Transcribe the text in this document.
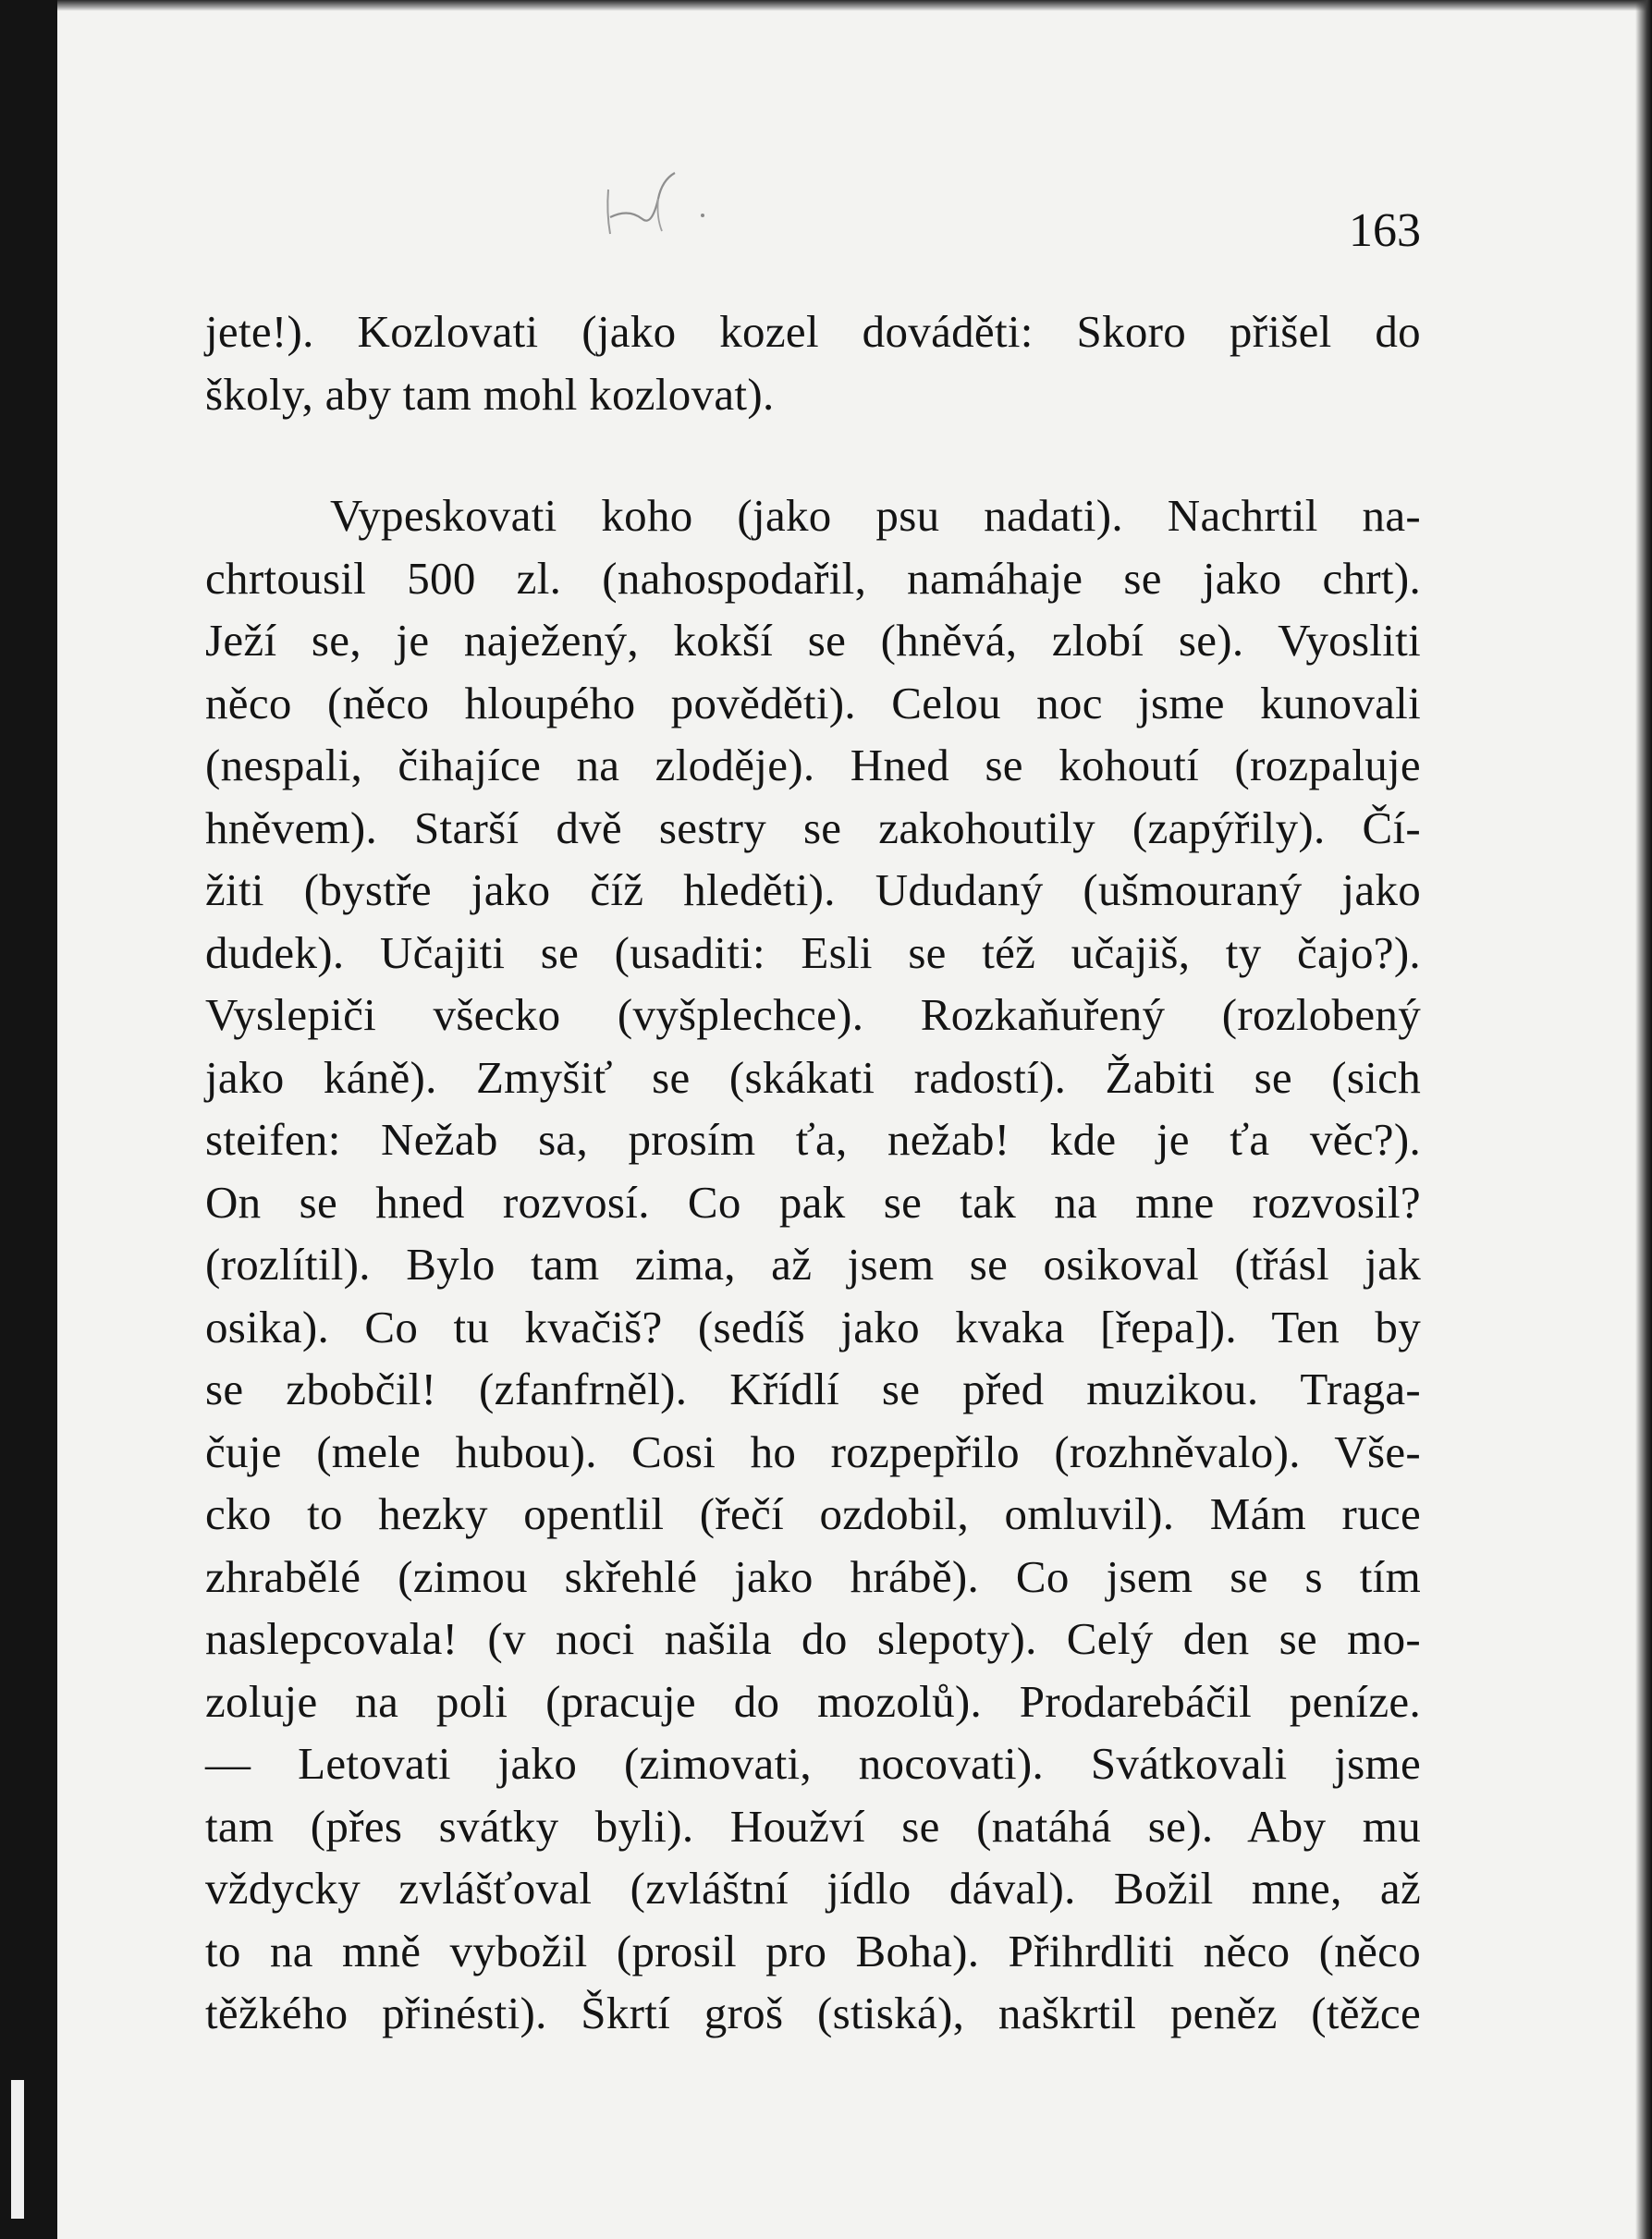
163
jete!). Kozlovati (jako kozel dováděti: Skoro přišel do
školy, aby tam mohl kozlovat).
Vypeskovati koho (jako psu nadati). Nachrtil na-
chrtousil 500 zl. (nahospodařil, namáhaje se jako chrt).
Ježí se, je naježený, kokší se (hněvá, zlobí se). Vyosliti
něco (něco hloupého pověděti). Celou noc jsme kunovali
(nespali, čihajíce na zloděje). Hned se kohoutí (rozpaluje
hněvem). Starší dvě sestry se zakohoutily (zapýřily). Čí-
žiti (bystře jako číž hleděti). Ududaný (ušmouraný jako
dudek). Učajiti se (usaditi: Esli se též učajiš, ty čajo?).
Vyslepiči všecko (vyšplechce). Rozkaňuřený (rozlobený
jako káně). Zmyšiť se (skákati radostí). Žabiti se (sich
steifen: Nežab sa, prosím ťa, nežab! kde je ťa věc?).
On se hned rozvosí. Co pak se tak na mne rozvosil?
(rozlítil). Bylo tam zima, až jsem se osikoval (třásl jak
osika). Co tu kvačiš? (sedíš jako kvaka [řepa]). Ten by
se zbobčil! (zfanfrněl). Křídlí se před muzikou. Traga-
čuje (mele hubou). Cosi ho rozpepřilo (rozhněvalo). Vše-
cko to hezky opentlil (řečí ozdobil, omluvil). Mám ruce
zhrabělé (zimou skřehlé jako hrábě). Co jsem se s tím
naslepcovala! (v noci našila do slepoty). Celý den se mo-
zoluje na poli (pracuje do mozolů). Prodarebáčil peníze.
— Letovati jako (zimovati, nocovati). Svátkovali jsme
tam (přes svátky byli). Houžví se (natáhá se). Aby mu
vždycky zvlášťoval (zvláštní jídlo dával). Božil mne, až
to na mně vybožil (prosil pro Boha). Přihrdliti něco (něco
těžkého přinésti). Škrtí groš (stiská), naškrtil peněz (těžce
